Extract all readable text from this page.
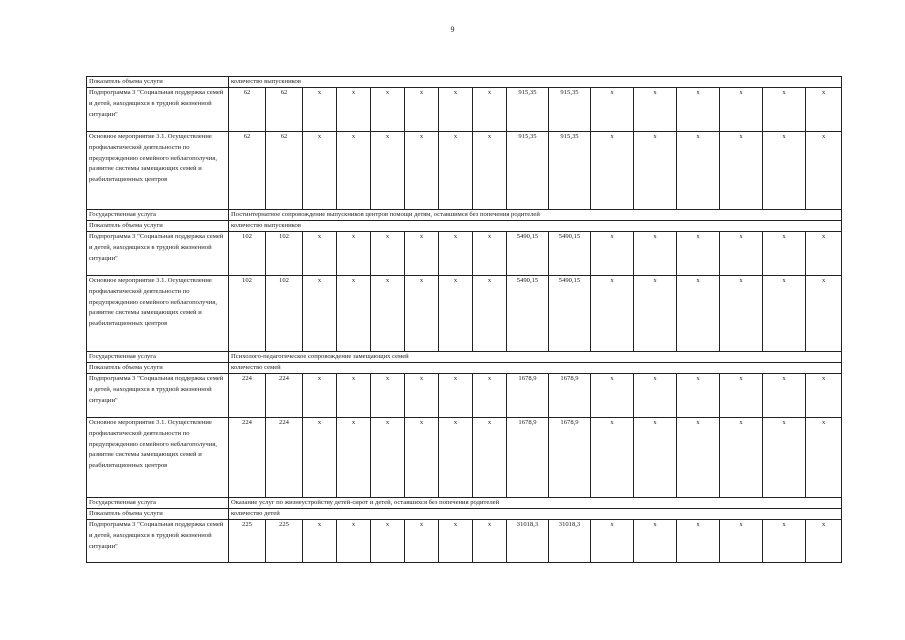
9
Показатель объема услуги	количество выпускников															
Подпрограмма 3 "Социальная поддержка семей и детей, находящихся в трудной жизненной ситуации"	62	62	х	х	х	х	х	х	915,35	915,35	х	х	х	х	х	х
Основное мероприятие 3.1. Осуществление профилактической деятельности по предупреждению семейного неблагополучия, развитие системы замещающих семей и реабилитационных центров	62	62	х	х	х	х	х	х	915,35	915,35	х	х	х	х	х	х
Государственная услуга	Постинтернатное сопровождение выпускников центров помощи детям, оставшимся без попечения родителей															
Показатель объема услуги	количество выпускников															
Подпрограмма 3 "Социальная поддержка семей и детей, находящихся в трудной жизненной ситуации"	102	102	х	х	х	х	х	х	5490,15	5490,15	х	х	х	х	х	х
Основное мероприятие 3.1. Осуществление профилактической деятельности по предупреждению семейного неблагополучия, развитие системы замещающих семей и реабилитационных центров	102	102	х	х	х	х	х	х	5490,15	5490,15	х	х	х	х	х	х
Государственная услуга	Психолого-педагогическое сопровождение замещающих семей															
Показатель объема услуги	количество семей															
Подпрограмма 3 "Социальная поддержка семей и детей, находящихся в трудной жизненной ситуации"	224	224	х	х	х	х	х	х	1678,9	1678,9	х	х	х	х	х	х
Основное мероприятие 3.1. Осуществление профилактической деятельности по предупреждению семейного неблагополучия, развитие системы замещающих семей и реабилитационных центров	224	224	х	х	х	х	х	х	1678,9	1678,9	х	х	х	х	х	х
Государственная услуга	Оказание услуг по жизнеустройству детей-сирот и детей, оставшихся без попечения родителей															
Показатель объема услуги	количество детей															
Подпрограмма 3 "Социальная поддержка семей и детей, находящихся в трудной жизненной ситуации"	225	225	х	х	х	х	х	х	31018,3	31018,3	х	х	х	х	х	х
